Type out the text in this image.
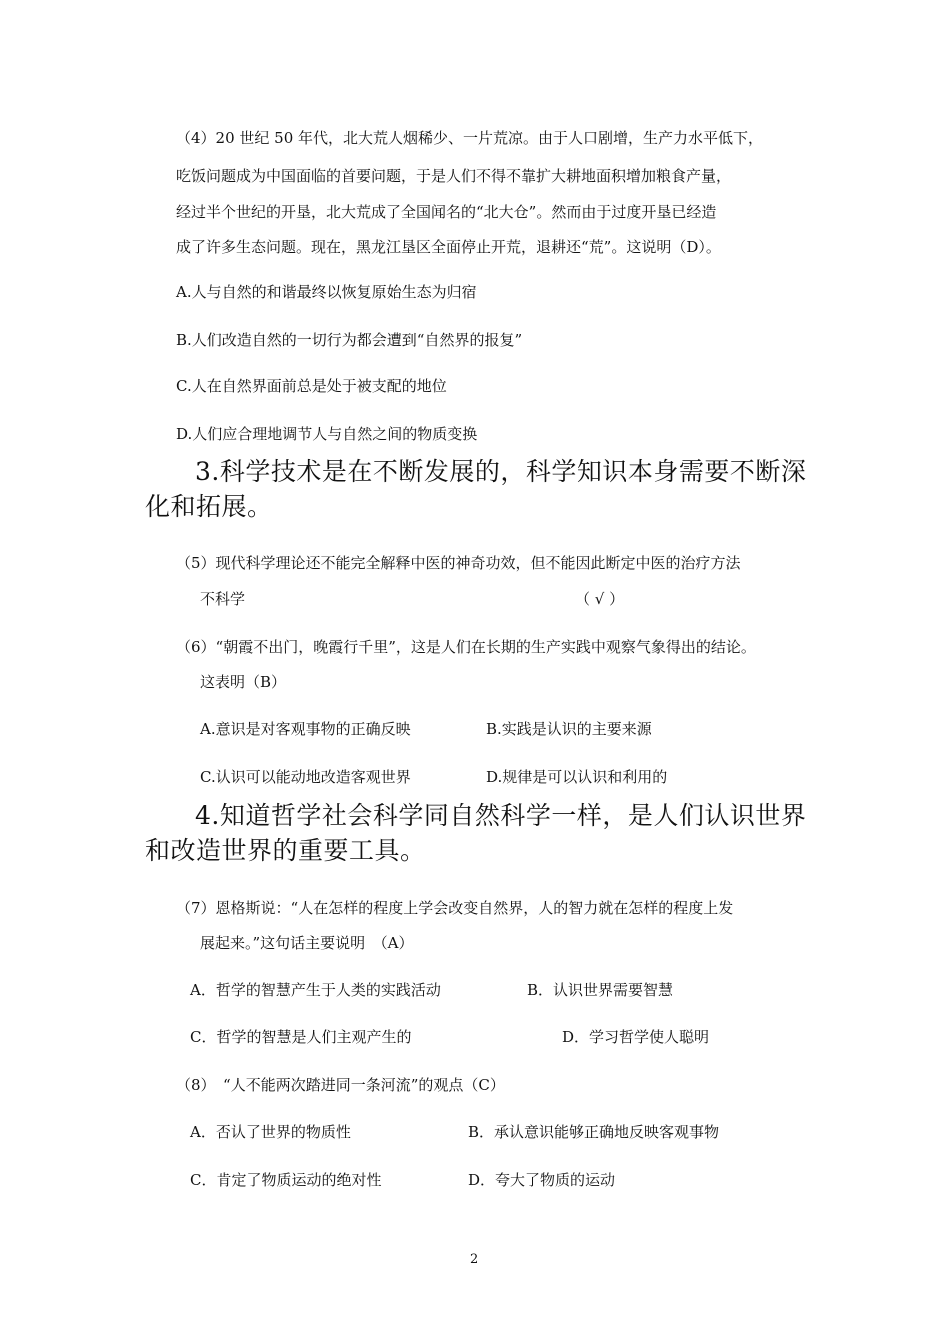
（4）20 世纪 50 年代，北大荒人烟稀少、一片荒凉。由于人口剧增，生产力水平低下，
吃饭问题成为中国面临的首要问题，于是人们不得不靠扩大耕地面积增加粮食产量，
经过半个世纪的开垦，北大荒成了全国闻名的“北大仓”。然而由于过度开垦已经造
成了许多生态问题。现在，黑龙江垦区全面停止开荒，退耕还“荒”。这说明（D）。
A.人与自然的和谐最终以恢复原始生态为归宿
B.人们改造自然的一切行为都会遭到“自然界的报复”
C.人在自然界面前总是处于被支配的地位
D.人们应合理地调节人与自然之间的物质变换
3.科学技术是在不断发展的，科学知识本身需要不断深
化和拓展。
（5）现代科学理论还不能完全解释中医的神奇功效，但不能因此断定中医的治疗方法
不科学	（ √ ）
（6）“朝霞不出门，晚霞行千里”，这是人们在长期的生产实践中观察气象得出的结论。
这表明（B）
A.意识是对客观事物的正确反映	B.实践是认识的主要来源
C.认识可以能动地改造客观世界	D.规律是可以认识和利用的
4.知道哲学社会科学同自然科学一样，是人们认识世界
和改造世界的重要工具。
（7）恩格斯说：“人在怎样的程度上学会改变自然界，人的智力就在怎样的程度上发
展起来。”这句话主要说明　（A）
A．哲学的智慧产生于人类的实践活动	B．认识世界需要智慧
C．哲学的智慧是人们主观产生的	D．学习哲学使人聪明
（8）　“人不能两次踏进同一条河流”的观点（C）
A．否认了世界的物质性	B．承认意识能够正确地反映客观事物
C．肯定了物质运动的绝对性	D．夸大了物质的运动
2
